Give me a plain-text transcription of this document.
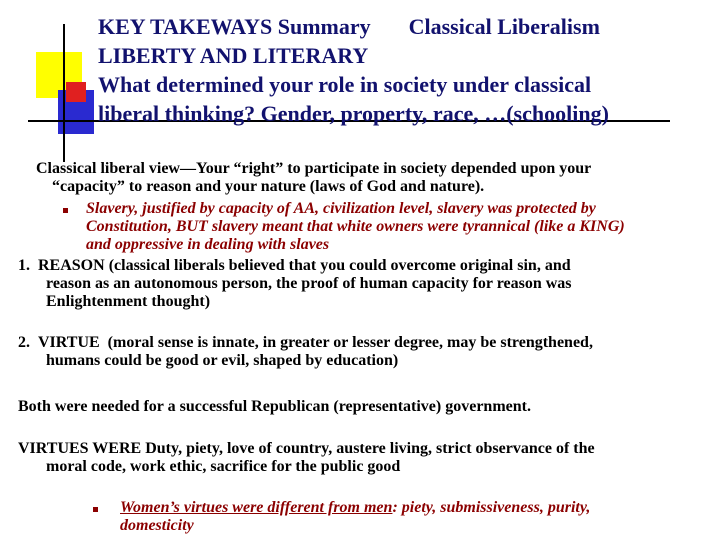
KEY TAKEWAYS Summary Classical Liberalism
LIBERTY AND LITERARY
What determined your role in society under classical
liberal thinking? Gender, property, race, …(schooling)
Classical liberal view—Your “right” to participate in society depended upon your
“capacity” to reason and your nature (laws of God and nature).
Slavery, justified by capacity of AA, civilization level, slavery was protected by
Constitution, BUT slavery meant that white owners were tyrannical (like a KING)
and oppressive in dealing with slaves
1. REASON (classical liberals believed that you could overcome original sin, and
reason as an autonomous person, the proof of human capacity for reason was
Enlightenment thought)
2. VIRTUE (moral sense is innate, in greater or lesser degree, may be strengthened,
humans could be good or evil, shaped by education)
Both were needed for a successful Republican (representative) government.
VIRTUES WERE Duty, piety, love of country, austere living, strict observance of the
moral code, work ethic, sacrifice for the public good
Women’s virtues were different from men: piety, submissiveness, purity,
domesticity
